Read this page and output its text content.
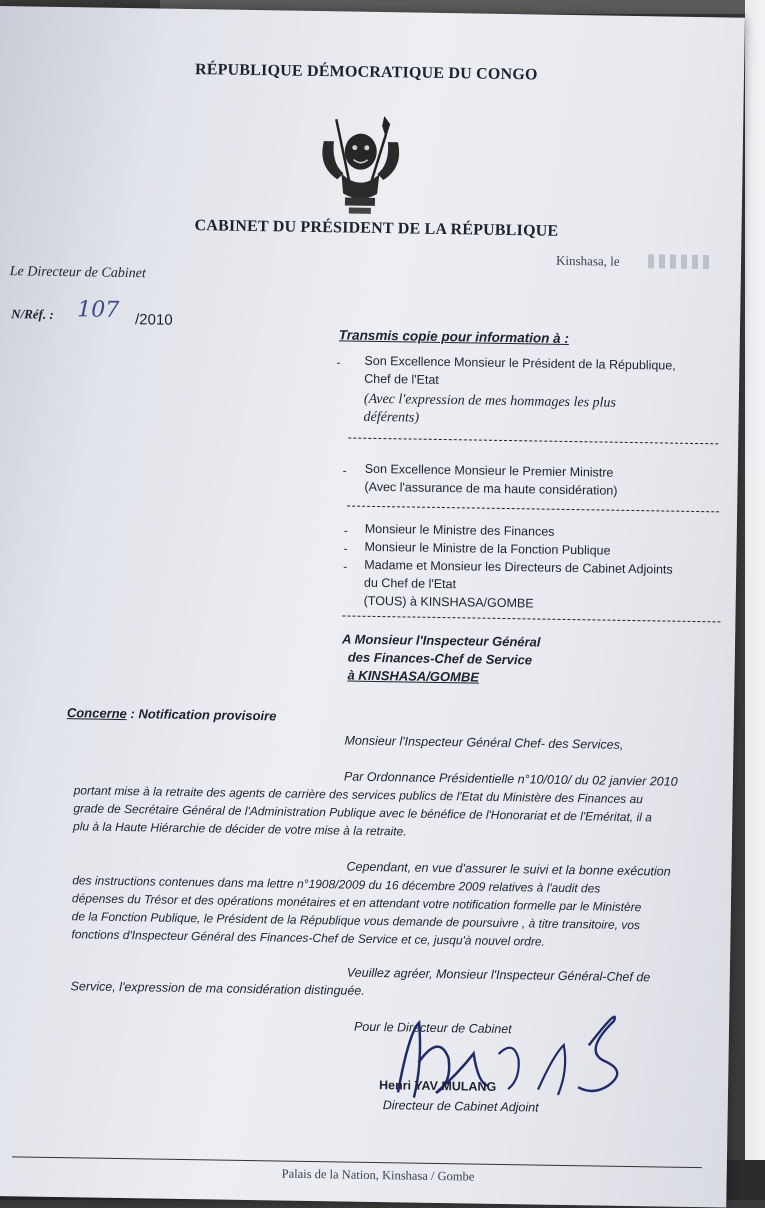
RÉPUBLIQUE DÉMOCRATIQUE DU CONGO
CABINET DU PRÉSIDENT DE LA RÉPUBLIQUE
Kinshasa, le
Le Directeur de Cabinet
N/Réf. : 107 /2010
Transmis copie pour information à :
- Son Excellence Monsieur le Président de la République,
Chef de l'Etat
(Avec l'expression de mes hommages les plus
déférents)
- Son Excellence Monsieur le Premier Ministre
(Avec l'assurance de ma haute considération)
- Monsieur le Ministre des Finances
- Monsieur le Ministre de la Fonction Publique
- Madame et Monsieur les Directeurs de Cabinet Adjoints
du Chef de l'Etat
(TOUS) à KINSHASA/GOMBE
A Monsieur l'Inspecteur Général
des Finances-Chef de Service
à KINSHASA/GOMBE
Concerne : Notification provisoire
Monsieur l'Inspecteur Général Chef- des Services,
Par Ordonnance Présidentielle n°10/010/ du 02 janvier 2010
portant mise à la retraite des agents de carrière des services publics de l'Etat du Ministère des Finances au
grade de Secrétaire Général de l'Administration Publique avec le bénéfice de l'Honorariat et de l'Eméritat, il a
plu à la Haute Hiérarchie de décider de votre mise à la retraite.
Cependant, en vue d'assurer le suivi et la bonne exécution
des instructions contenues dans ma lettre n°1908/2009 du 16 décembre 2009 relatives à l'audit des
dépenses du Trésor et des opérations monétaires et en attendant votre notification formelle par le Ministère
de la Fonction Publique, le Président de la République vous demande de poursuivre , à titre transitoire, vos
fonctions d'Inspecteur Général des Finances-Chef de Service et ce, jusqu'à nouvel ordre.
Veuillez agréer, Monsieur l'Inspecteur Général-Chef de
Service, l'expression de ma considération distinguée.
Pour le Directeur de Cabinet
Henri YAV MULANG
Directeur de Cabinet Adjoint
Palais de la Nation, Kinshasa / Gombe
